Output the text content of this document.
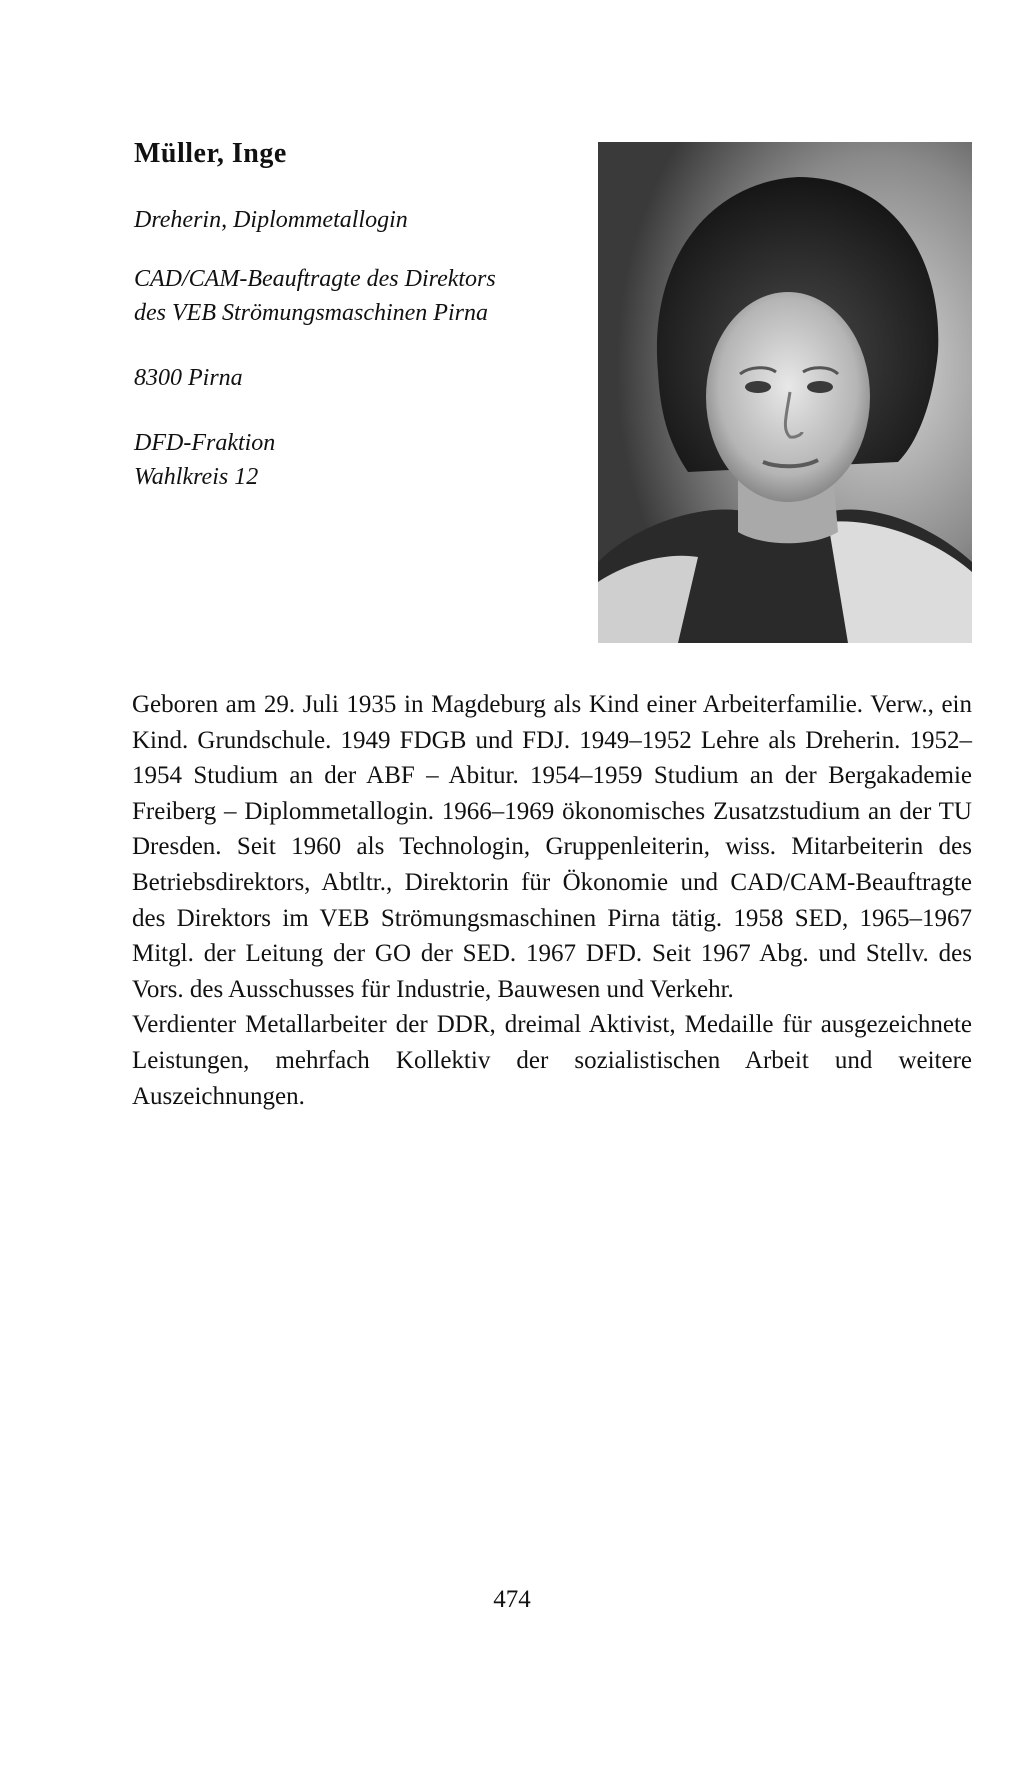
Müller, Inge

Dreherin, Diplommetallogin

CAD/CAM-Beauftragte des Direktors
des VEB Strömungsmaschinen Pirna

8300 Pirna

DFD-Fraktion
Wahlkreis 12

Geboren am 29. Juli 1935 in Magdeburg als Kind einer Arbeiterfamilie. Verw., ein Kind. Grundschule. 1949 FDGB und FDJ. 1949–1952 Lehre als Dreherin. 1952–1954 Studium an der ABF – Abitur. 1954–1959 Studium an der Bergakademie Freiberg – Diplommetallogin. 1966–1969 ökonomisches Zusatzstudium an der TU Dresden. Seit 1960 als Technologin, Gruppenleiterin, wiss. Mitarbeiterin des Betriebsdirektors, Abtltr., Direktorin für Ökonomie und CAD/CAM-Beauftragte des Direktors im VEB Strömungsmaschinen Pirna tätig. 1958 SED, 1965–1967 Mitgl. der Leitung der GO der SED. 1967 DFD. Seit 1967 Abg. und Stellv. des Vors. des Ausschusses für Industrie, Bauwesen und Verkehr.

Verdienter Metallarbeiter der DDR, dreimal Aktivist, Medaille für ausgezeichnete Leistungen, mehrfach Kollektiv der sozialistischen Arbeit und weitere Auszeichnungen.

474
